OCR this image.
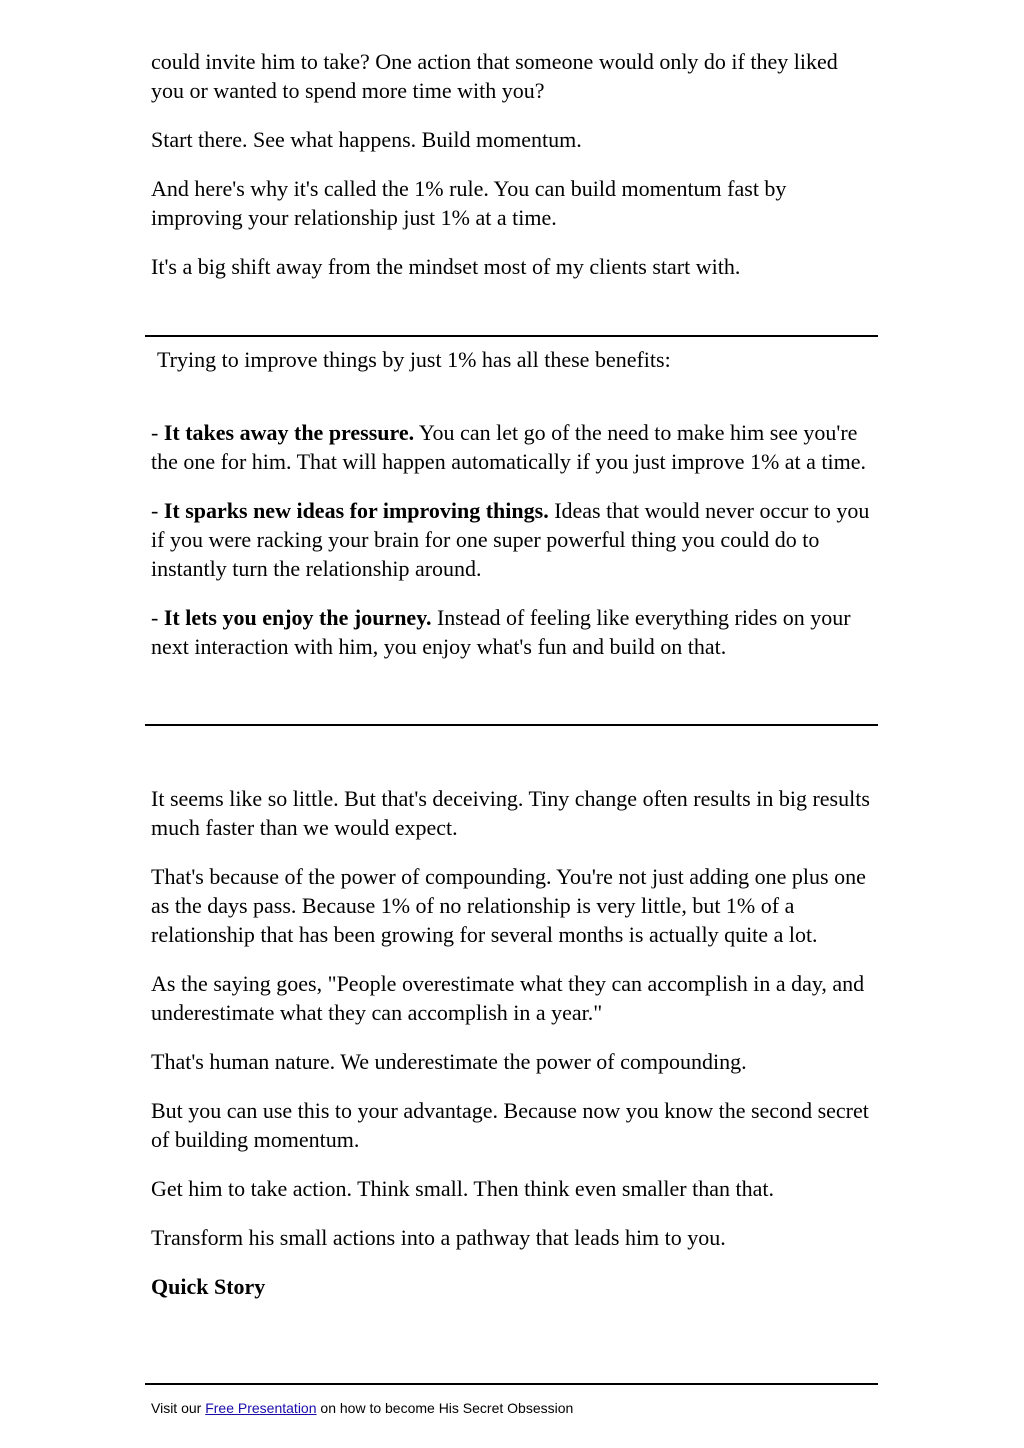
could invite him to take? One action that someone would only do if they liked you or wanted to spend more time with you?

Start there. See what happens. Build momentum.

And here's why it's called the 1% rule. You can build momentum fast by improving your relationship just 1% at a time.

It's a big shift away from the mindset most of my clients start with.

Trying to improve things by just 1% has all these benefits:

- It takes away the pressure. You can let go of the need to make him see you're the one for him. That will happen automatically if you just improve 1% at a time.

- It sparks new ideas for improving things. Ideas that would never occur to you if you were racking your brain for one super powerful thing you could do to instantly turn the relationship around.

- It lets you enjoy the journey. Instead of feeling like everything rides on your next interaction with him, you enjoy what's fun and build on that.

It seems like so little. But that's deceiving. Tiny change often results in big results much faster than we would expect.

That's because of the power of compounding. You're not just adding one plus one as the days pass. Because 1% of no relationship is very little, but 1% of a relationship that has been growing for several months is actually quite a lot.

As the saying goes, "People overestimate what they can accomplish in a day, and underestimate what they can accomplish in a year."

That's human nature. We underestimate the power of compounding.

But you can use this to your advantage. Because now you know the second secret of building momentum.

Get him to take action. Think small. Then think even smaller than that.

Transform his small actions into a pathway that leads him to you.

Quick Story

Visit our Free Presentation on how to become His Secret Obsession
